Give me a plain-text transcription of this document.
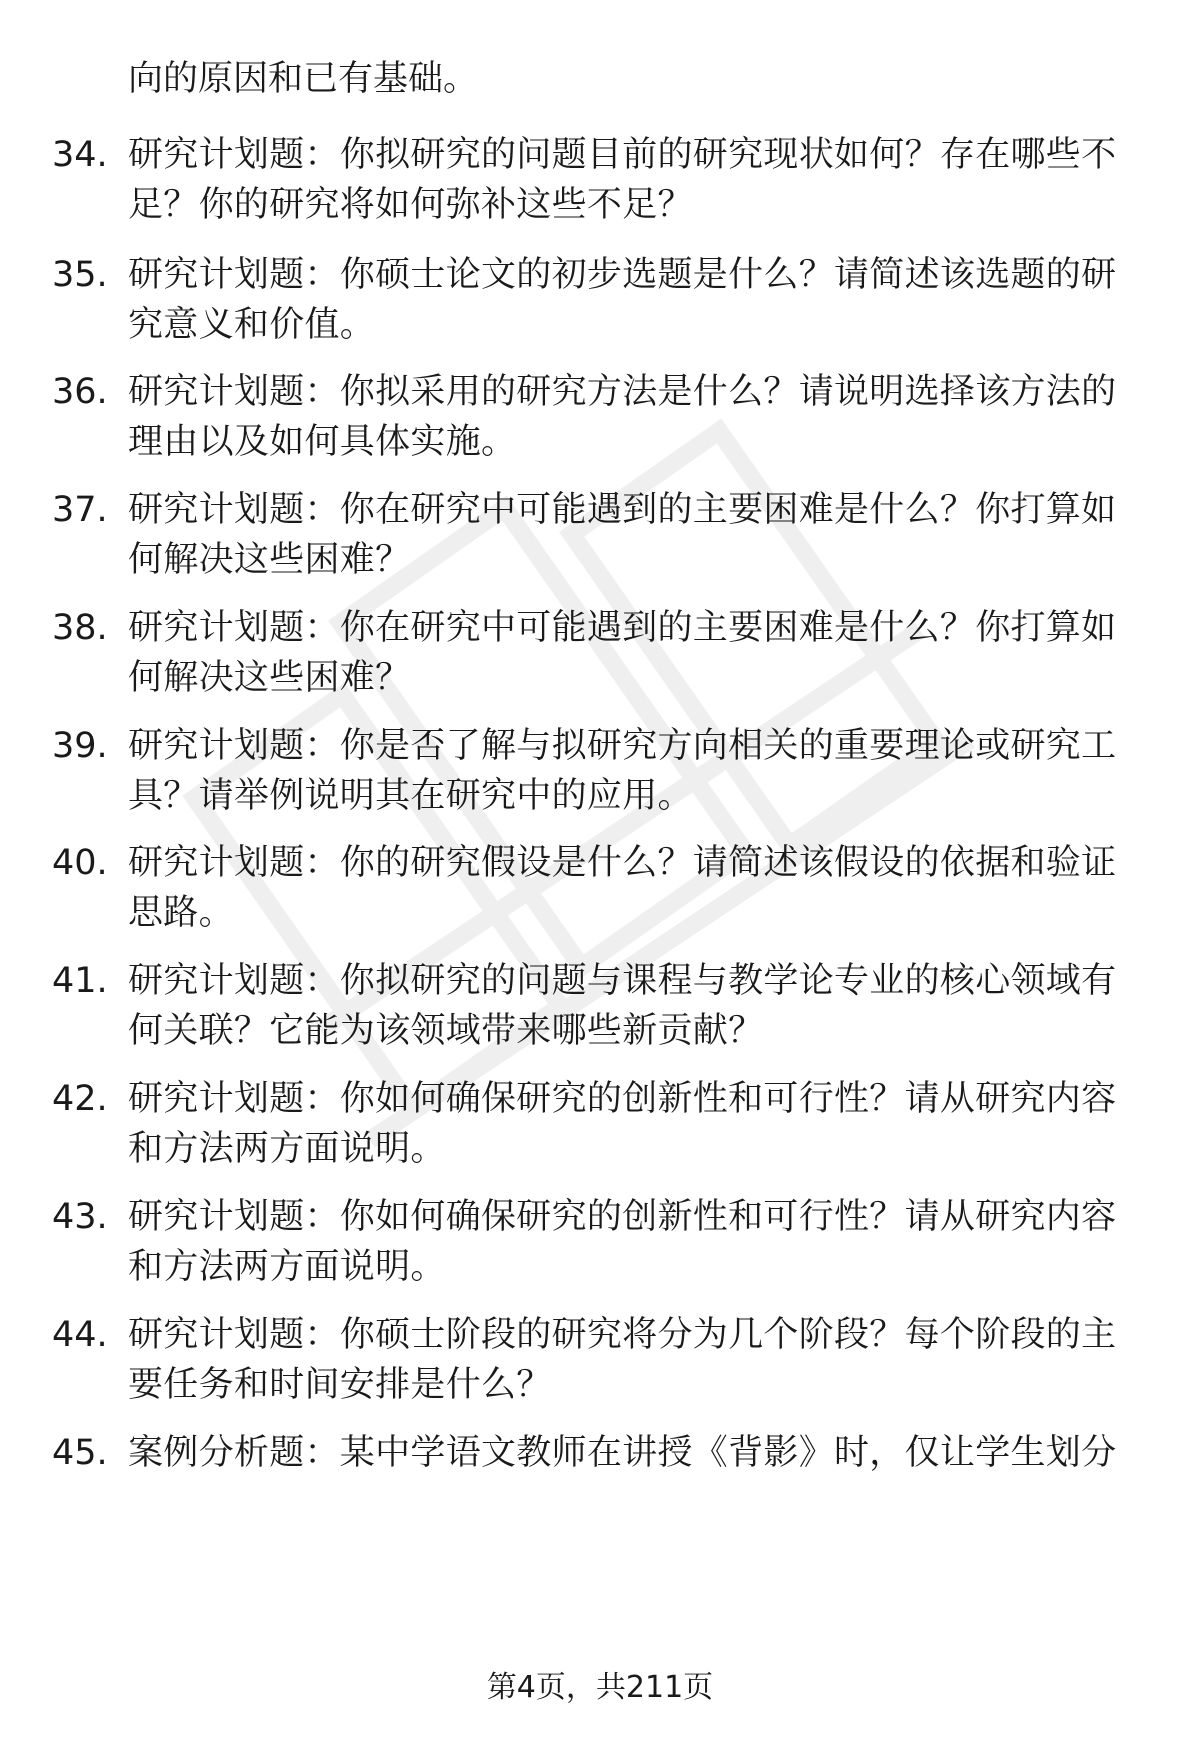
向的原因和已有基础。

34. 研究计划题：你拟研究的问题目前的研究现状如何？存在哪些不足？你的研究将如何弥补这些不足？
35. 研究计划题：你硕士论文的初步选题是什么？请简述该选题的研究意义和价值。
36. 研究计划题：你拟采用的研究方法是什么？请说明选择该方法的理由以及如何具体实施。
37. 研究计划题：你在研究中可能遇到的主要困难是什么？你打算如何解决这些困难？
38. 研究计划题：你在研究中可能遇到的主要困难是什么？你打算如何解决这些困难？
39. 研究计划题：你是否了解与拟研究方向相关的重要理论或研究工具？请举例说明其在研究中的应用。
40. 研究计划题：你的研究假设是什么？请简述该假设的依据和验证思路。
41. 研究计划题：你拟研究的问题与课程与教学论专业的核心领域有何关联？它能为该领域带来哪些新贡献？
42. 研究计划题：你如何确保研究的创新性和可行性？请从研究内容和方法两方面说明。
43. 研究计划题：你如何确保研究的创新性和可行性？请从研究内容和方法两方面说明。
44. 研究计划题：你硕士阶段的研究将分为几个阶段？每个阶段的主要任务和时间安排是什么？
45. 案例分析题：某中学语文教师在讲授《背影》时，仅让学生划分
第4页，共211页
